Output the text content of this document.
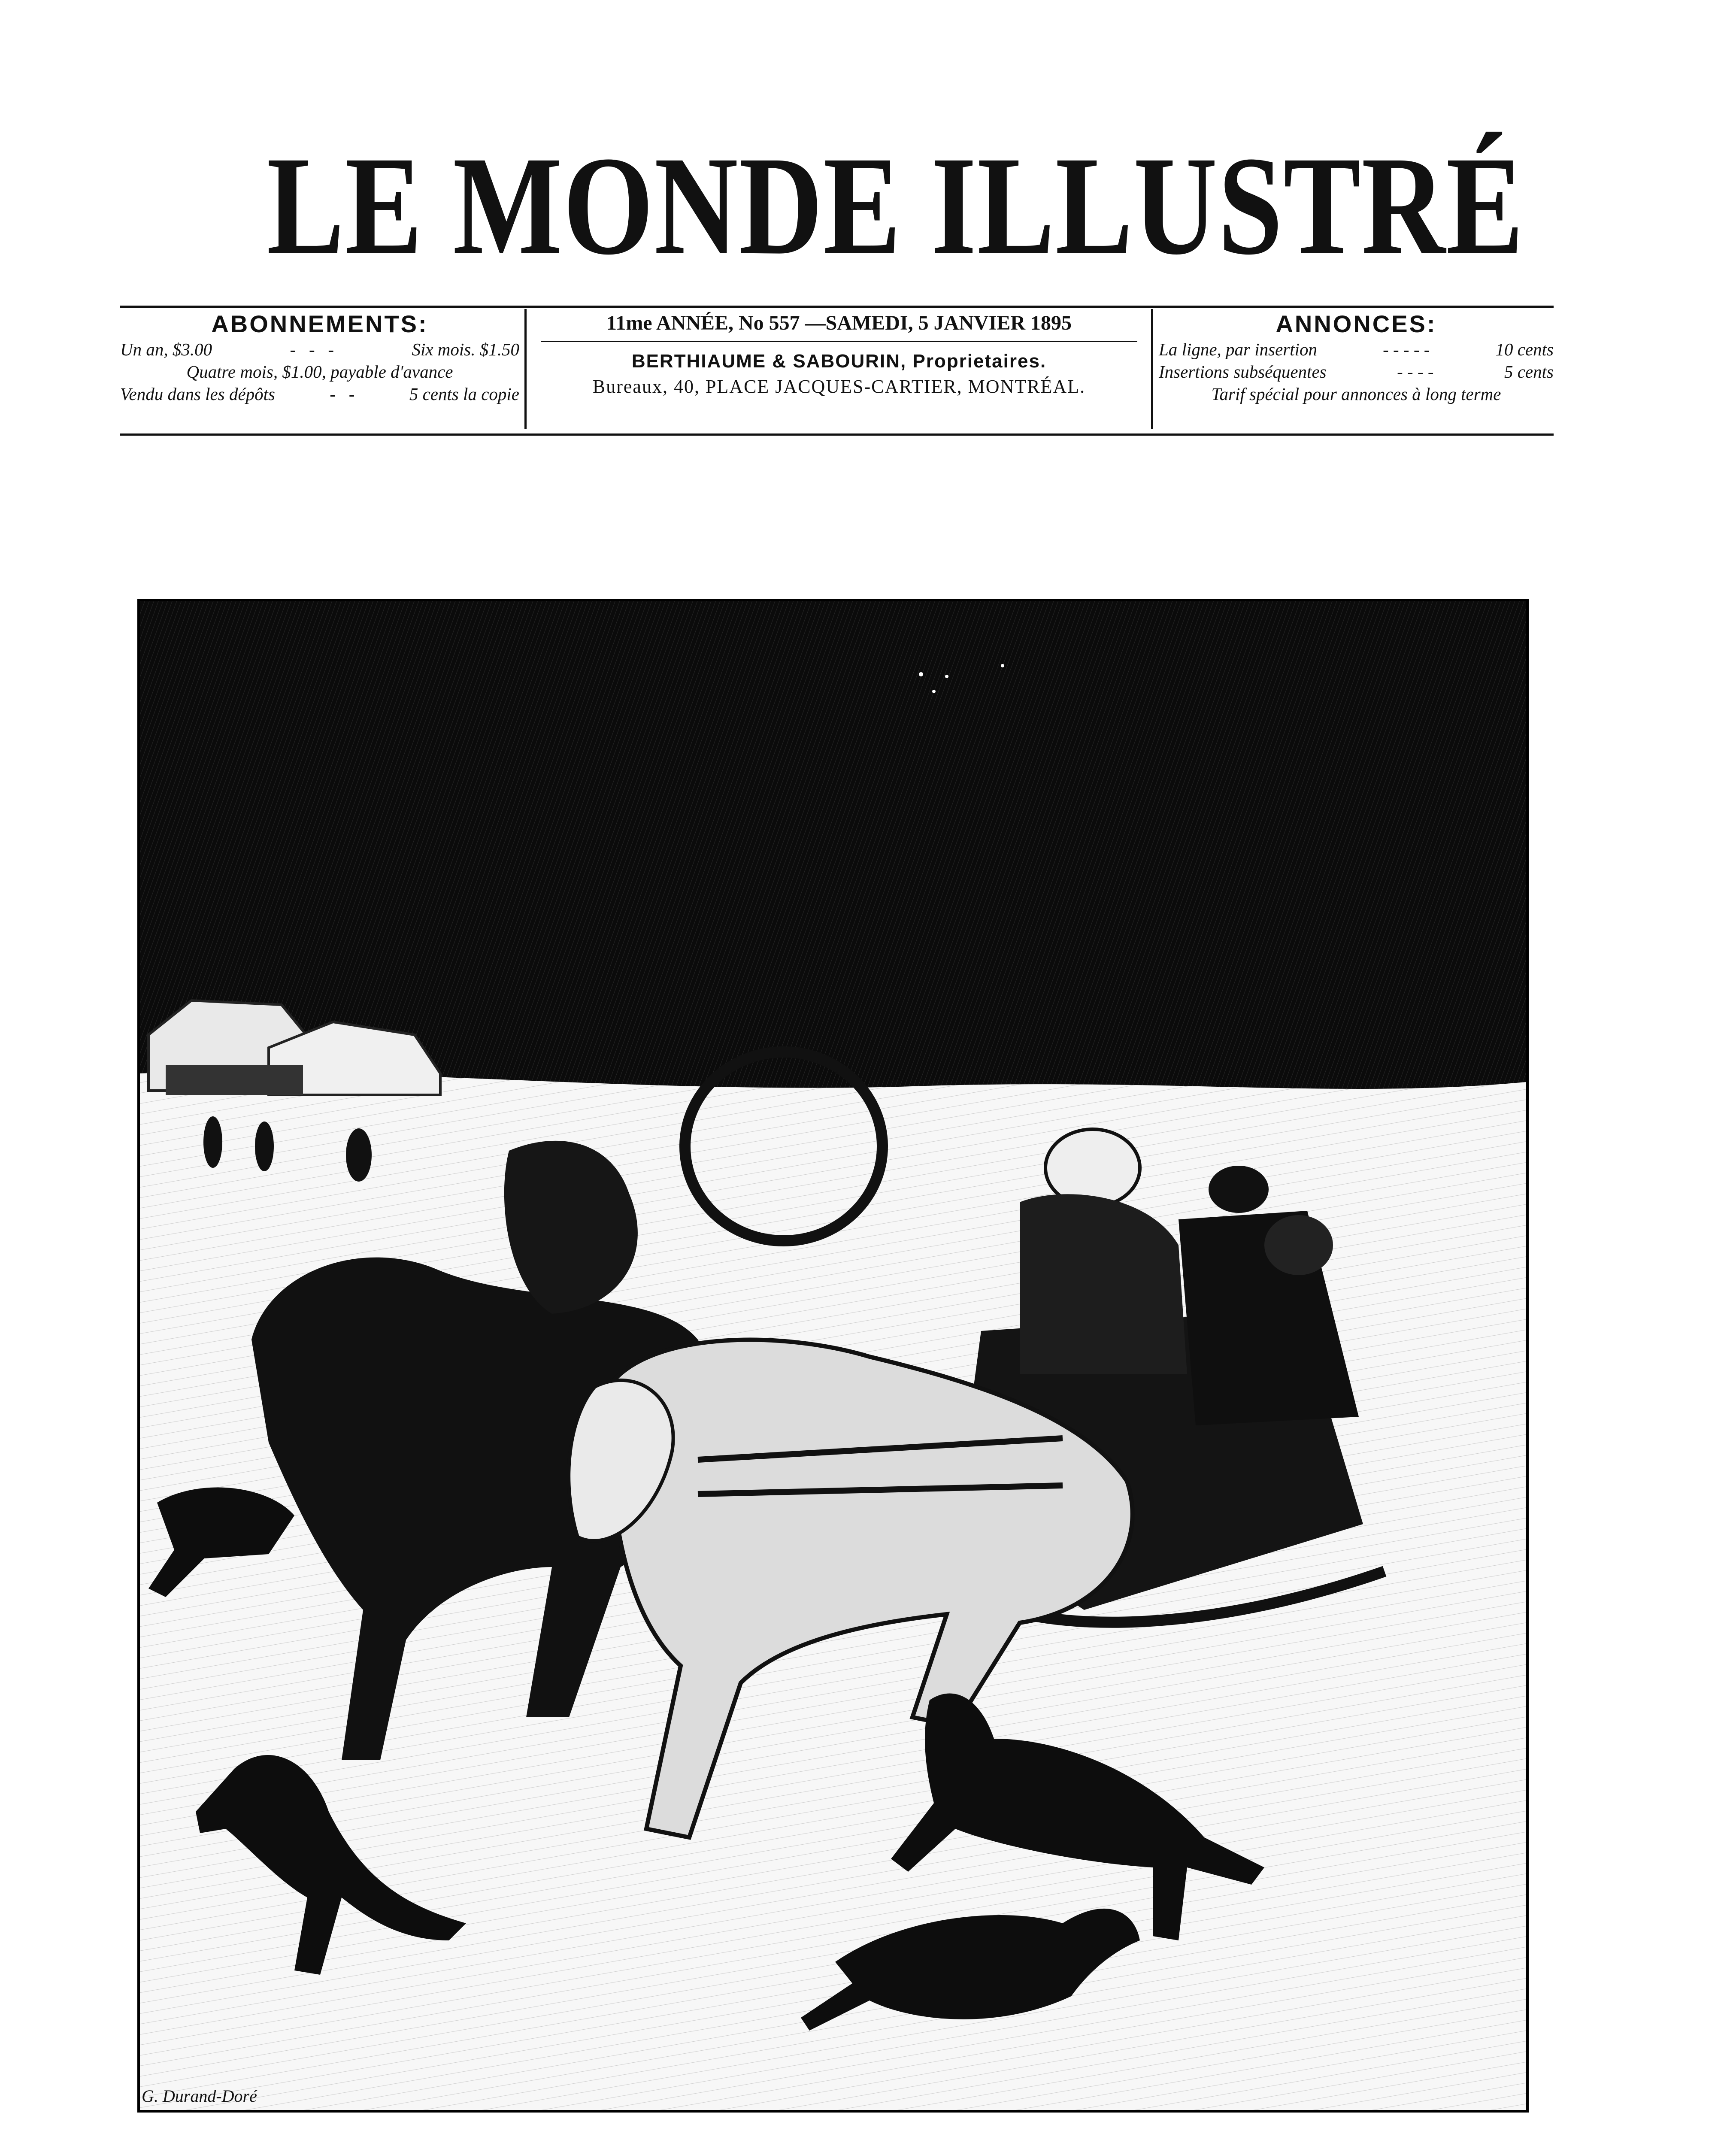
LE MONDE ILLUSTRÉ
ABONNEMENTS:
Un an, $3.00	-   -   -	Six mois. $1.50
Quatre mois, $1.00, payable d'avance
Vendu dans les dépôts	-   -	5 cents la copie
11me ANNÉE, No 557 —SAMEDI, 5 JANVIER 1895
BERTHIAUME & SABOURIN, Proprietaires.
Bureaux, 40, PLACE JACQUES-CARTIER, MONTRÉAL.
ANNONCES:
La ligne, par insertion	- - - - -	10 cents
Insertions subséquentes	- - - -	5 cents
Tarif spécial pour annonces à long terme
G. Durand-Doré
